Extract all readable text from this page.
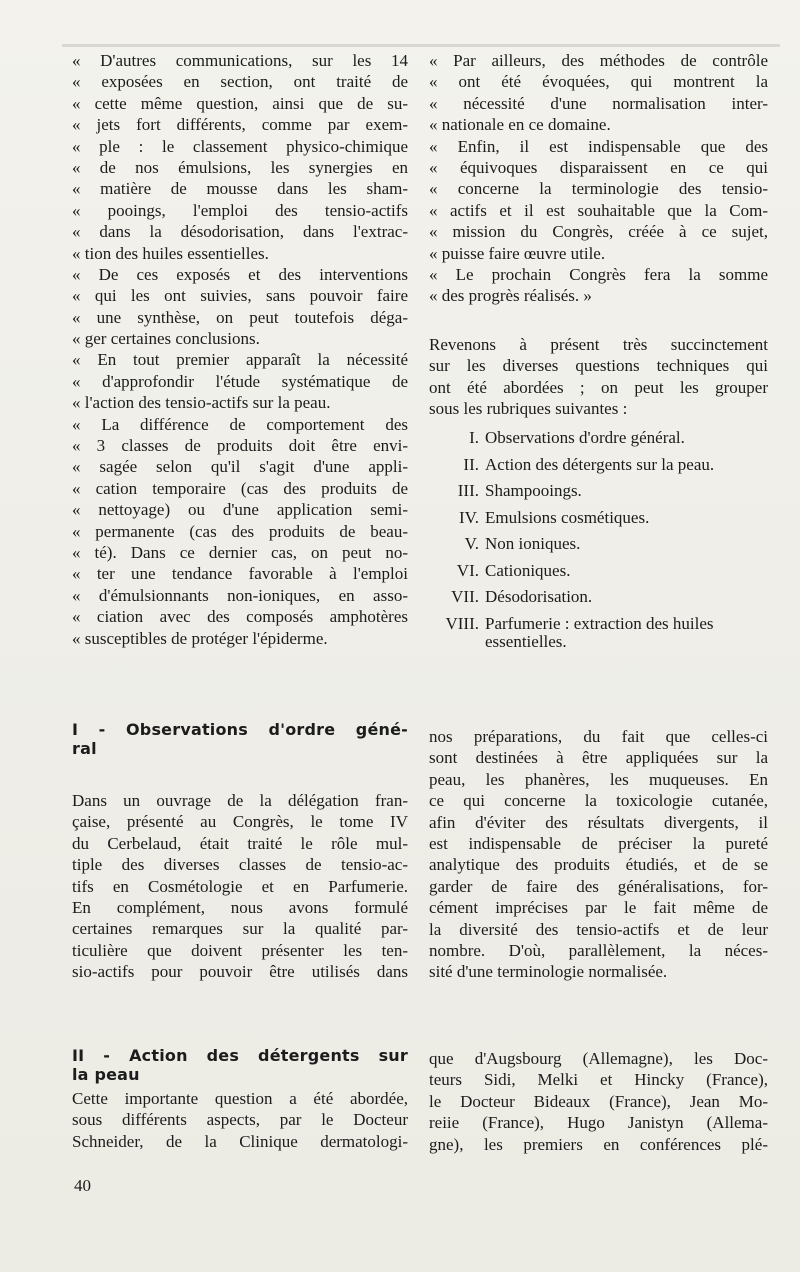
« D'autres communications, sur les 14
« exposées en section, ont traité de
« cette même question, ainsi que de su-
« jets fort différents, comme par exem-
« ple : le classement physico-chimique
« de nos émulsions, les synergies en
« matière de mousse dans les sham-
« pooings, l'emploi des tensio-actifs
« dans la désodorisation, dans l'extrac-
« tion des huiles essentielles.
« De ces exposés et des interventions
« qui les ont suivies, sans pouvoir faire
« une synthèse, on peut toutefois déga-
« ger certaines conclusions.
« En tout premier apparaît la nécessité
« d'approfondir l'étude systématique de
« l'action des tensio-actifs sur la peau.
« La différence de comportement des
« 3 classes de produits doit être envi-
« sagée selon qu'il s'agit d'une appli-
« cation temporaire (cas des produits de
« nettoyage) ou d'une application semi-
« permanente (cas des produits de beau-
« té). Dans ce dernier cas, on peut no-
« ter une tendance favorable à l'emploi
« d'émulsionnants non-ioniques, en asso-
« ciation avec des composés amphotères
« susceptibles de protéger l'épiderme.
I - Observations d'ordre géné-
ral
Dans un ouvrage de la délégation fran-
çaise, présenté au Congrès, le tome IV
du Cerbelaud, était traité le rôle mul-
tiple des diverses classes de tensio-ac-
tifs en Cosmétologie et en Parfumerie.
En complément, nous avons formulé
certaines remarques sur la qualité par-
ticulière que doivent présenter les ten-
sio-actifs pour pouvoir être utilisés dans
II - Action des détergents sur
la peau
Cette importante question a été abordée,
sous différents aspects, par le Docteur
Schneider, de la Clinique dermatologi-
« Par ailleurs, des méthodes de contrôle
« ont été évoquées, qui montrent la
« nécessité d'une normalisation inter-
« nationale en ce domaine.
« Enfin, il est indispensable que des
« équivoques disparaissent en ce qui
« concerne la terminologie des tensio-
« actifs et il est souhaitable que la Com-
« mission du Congrès, créée à ce sujet,
« puisse faire œuvre utile.
« Le prochain Congrès fera la somme
« des progrès réalisés. »
Revenons à présent très succinctement
sur les diverses questions techniques qui
ont été abordées ; on peut les grouper
sous les rubriques suivantes :
I. Observations d'ordre général.
II. Action des détergents sur la peau.
III. Shampooings.
IV. Emulsions cosmétiques.
V. Non ioniques.
VI. Cationiques.
VII. Désodorisation.
VIII. Parfumerie : extraction des huiles
essentielles.
nos préparations, du fait que celles-ci
sont destinées à être appliquées sur la
peau, les phanères, les muqueuses. En
ce qui concerne la toxicologie cutanée,
afin d'éviter des résultats divergents, il
est indispensable de préciser la pureté
analytique des produits étudiés, et de se
garder de faire des généralisations, for-
cément imprécises par le fait même de
la diversité des tensio-actifs et de leur
nombre. D'où, parallèlement, la néces-
sité d'une terminologie normalisée.
que d'Augsbourg (Allemagne), les Doc-
teurs Sidi, Melki et Hincky (France),
le Docteur Bideaux (France), Jean Mo-
reiie (France), Hugo Janistyn (Allema-
gne), les premiers en conférences plé-
40
